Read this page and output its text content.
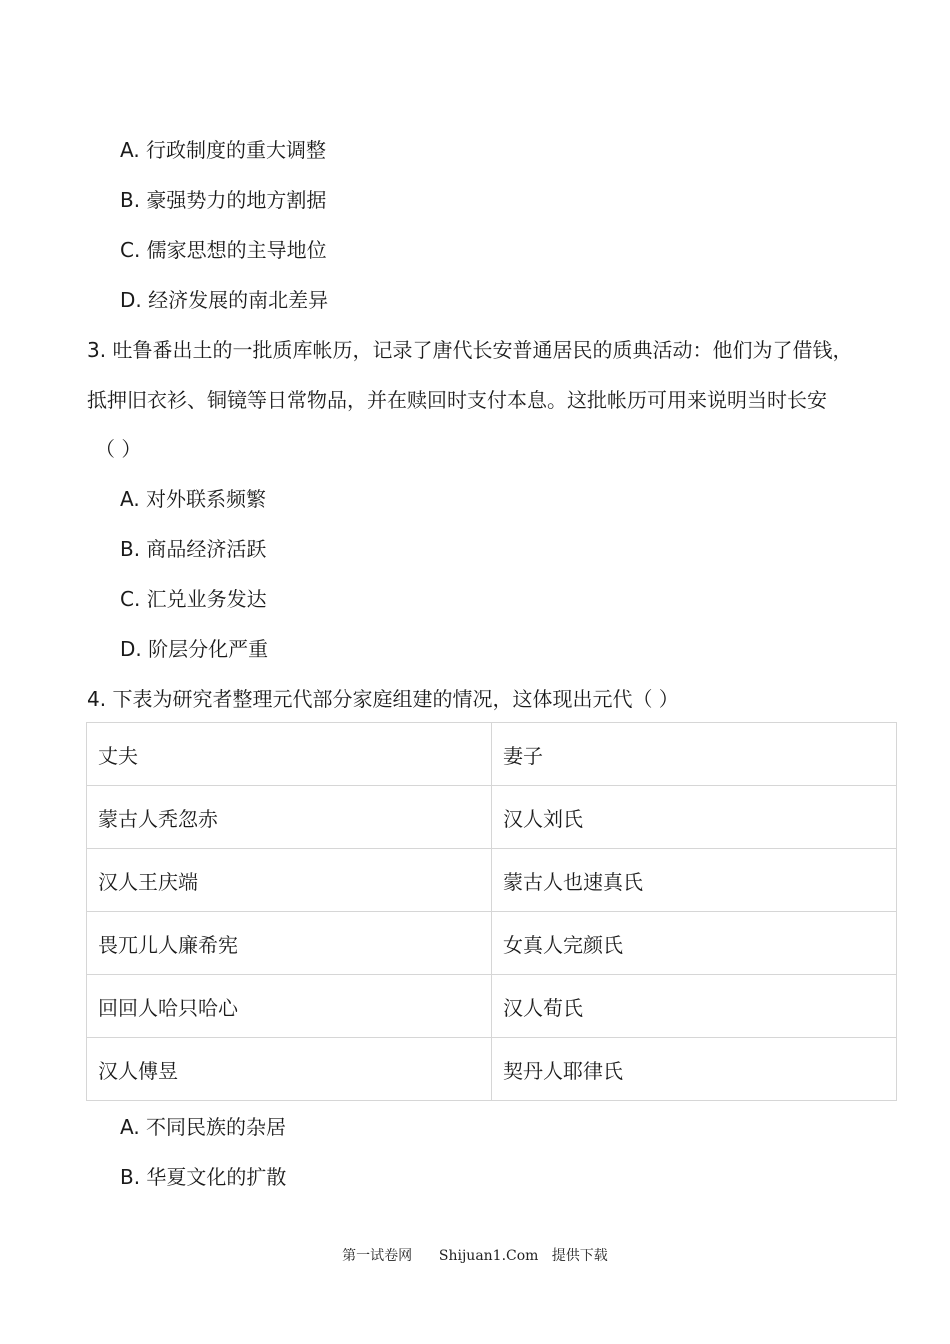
A. 行政制度的重大调整
B. 豪强势力的地方割据
C. 儒家思想的主导地位
D. 经济发展的南北差异
3. 吐鲁番出土的一批质库帐历，记录了唐代长安普通居民的质典活动：他们为了借钱，
抵押旧衣衫、铜镜等日常物品，并在赎回时支付本息。这批帐历可用来说明当时长安
（ ）
A. 对外联系频繁
B. 商品经济活跃
C. 汇兑业务发达
D. 阶层分化严重
4. 下表为研究者整理元代部分家庭组建的情况，这体现出元代（ ）
丈夫	妻子
蒙古人秃忽赤	汉人刘氏
汉人王庆端	蒙古人也速真氏
畏兀儿人廉希宪	女真人完颜氏
回回人哈只哈心	汉人荀氏
汉人傅昱	契丹人耶律氏
A. 不同民族的杂居
B. 华夏文化的扩散
第一试卷网      Shijuan1.Com   提供下载
